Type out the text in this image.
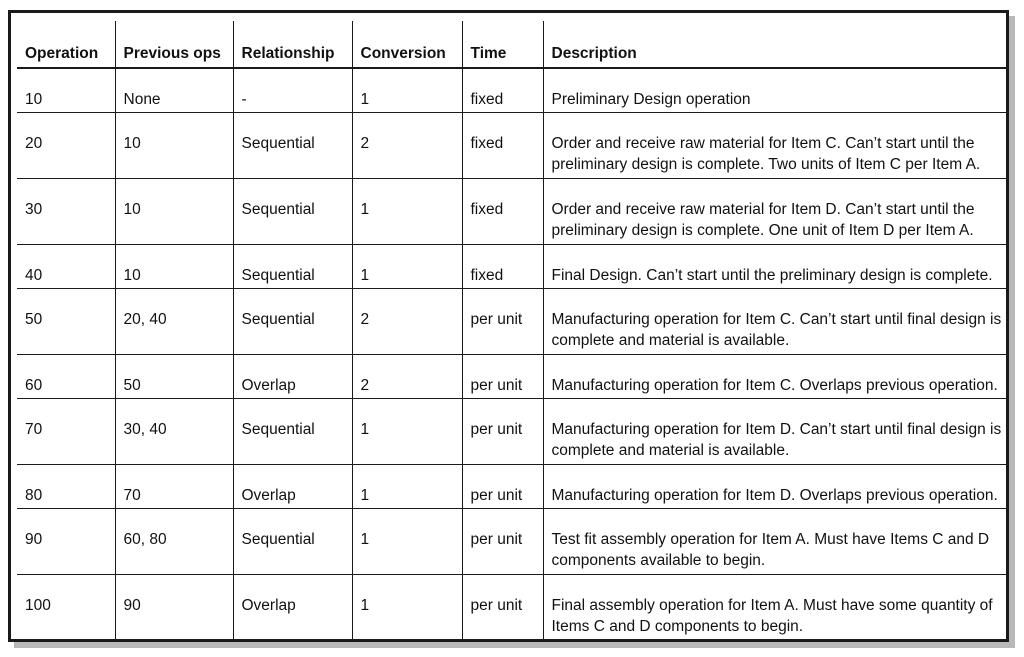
Operation	Previous ops	Relationship	Conversion	Time	Description
10	None	-	1	fixed	Preliminary Design operation
20	10	Sequential	2	fixed	Order and receive raw material for Item C. Can’t start until the preliminary design is complete. Two units of Item C per Item A.
30	10	Sequential	1	fixed	Order and receive raw material for Item D. Can’t start until the preliminary design is complete. One unit of Item D per Item A.
40	10	Sequential	1	fixed	Final Design. Can’t start until the preliminary design is complete.
50	20, 40	Sequential	2	per unit	Manufacturing operation for Item C. Can’t start until final design is complete and material is available.
60	50	Overlap	2	per unit	Manufacturing operation for Item C. Overlaps previous operation.
70	30, 40	Sequential	1	per unit	Manufacturing operation for Item D. Can’t start until final design is complete and material is available.
80	70	Overlap	1	per unit	Manufacturing operation for Item D. Overlaps previous operation.
90	60, 80	Sequential	1	per unit	Test fit assembly operation for Item A. Must have Items C and D components available to begin.
100	90	Overlap	1	per unit	Final assembly operation for Item A. Must have some quantity of Items C and D components to begin.
